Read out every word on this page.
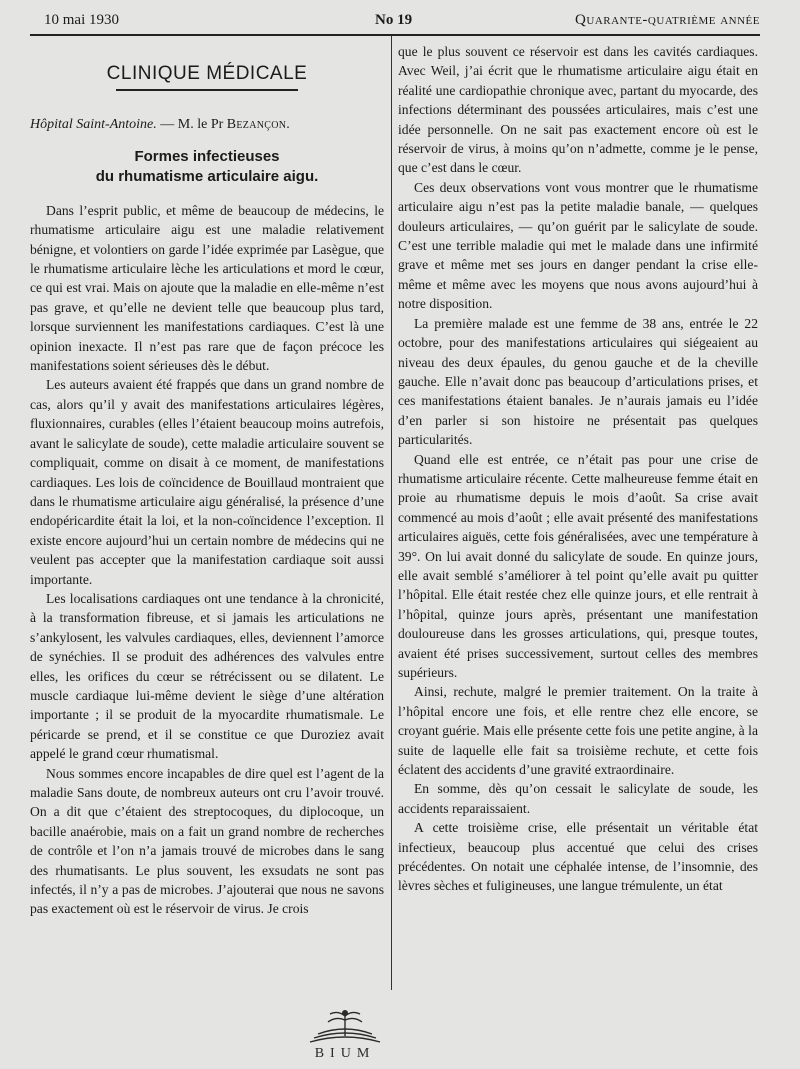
10 mai 1930	No 19	Quarante-quatrième année
CLINIQUE MÉDICALE
Hôpital Saint-Antoine. — M. le Pr Bezançon.
Formes infectieuses
du rhumatisme articulaire aigu.

Dans l’esprit public, et même de beaucoup de médecins, le rhumatisme articulaire aigu est une maladie relativement bénigne, et volontiers on garde l’idée exprimée par Lasègue, que le rhumatisme articulaire lèche les articulations et mord le cœur, ce qui est vrai. Mais on ajoute que la maladie en elle-même n’est pas grave, et qu’elle ne devient telle que beaucoup plus tard, lorsque surviennent les manifestations cardiaques. C’est là une opinion inexacte. Il n’est pas rare que de façon précoce les manifestations soient sérieuses dès le début.

Les auteurs avaient été frappés que dans un grand nombre de cas, alors qu’il y avait des manifestations articulaires légères, fluxionnaires, curables (elles l’étaient beaucoup moins autrefois, avant le salicylate de soude), cette maladie articulaire souvent se compliquait, comme on disait à ce moment, de manifestations cardiaques. Les lois de coïncidence de Bouillaud montraient que dans le rhumatisme articulaire aigu généralisé, la présence d’une endopéricardite était la loi, et la non-coïncidence l’exception. Il existe encore aujourd’hui un certain nombre de médecins qui ne veulent pas accepter que la manifestation cardiaque soit aussi importante.

Les localisations cardiaques ont une tendance à la chronicité, à la transformation fibreuse, et si jamais les articulations ne s’ankylosent, les valvules cardiaques, elles, deviennent l’amorce de synéchies. Il se produit des adhérences des valvules entre elles, les orifices du cœur se rétrécissent ou se dilatent. Le muscle cardiaque lui-même devient le siège d’une altération importante ; il se produit de la myocardite rhumatismale. Le péricarde se prend, et il se constitue ce que Duroziez avait appelé le grand cœur rhumatismal.

Nous sommes encore incapables de dire quel est l’agent de la maladie Sans doute, de nombreux auteurs ont cru l’avoir trouvé. On a dit que c’étaient des streptocoques, du diplocoque, un bacille anaérobie, mais on a fait un grand nombre de recherches de contrôle et l’on n’a jamais trouvé de microbes dans le sang des rhumatisants. Le plus souvent, les exsudats ne sont pas infectés, il n’y a pas de microbes. J’ajouterai que nous ne savons pas exactement où est le réservoir de virus. Je crois

que le plus souvent ce réservoir est dans les cavités cardiaques. Avec Weil, j’ai écrit que le rhumatisme articulaire aigu était en réalité une cardiopathie chronique avec, partant du myocarde, des infections déterminant des poussées articulaires, mais c’est une idée personnelle. On ne sait pas exactement encore où est le réservoir de virus, à moins qu’on n’admette, comme je le pense, que c’est dans le cœur.

Ces deux observations vont vous montrer que le rhumatisme articulaire aigu n’est pas la petite maladie banale, — quelques douleurs articulaires, — qu’on guérit par le salicylate de soude. C’est une terrible maladie qui met le malade dans une infirmité grave et même met ses jours en danger pendant la crise elle-même et même avec les moyens que nous avons aujourd’hui à notre disposition.

La première malade est une femme de 38 ans, entrée le 22 octobre, pour des manifestations articulaires qui siégeaient au niveau des deux épaules, du genou gauche et de la cheville gauche. Elle n’avait donc pas beaucoup d’articulations prises, et ces manifestations étaient banales. Je n’aurais jamais eu l’idée d’en parler si son histoire ne présentait pas quelques particularités.

Quand elle est entrée, ce n’était pas pour une crise de rhumatisme articulaire récente. Cette malheureuse femme était en proie au rhumatisme depuis le mois d’août. Sa crise avait commencé au mois d’août ; elle avait présenté des manifestations articulaires aiguës, cette fois généralisées, avec une température à 39°. On lui avait donné du salicylate de soude. En quinze jours, elle avait semblé s’améliorer à tel point qu’elle avait pu quitter l’hôpital. Elle était restée chez elle quinze jours, et elle rentrait à l’hôpital, quinze jours après, présentant une manifestation douloureuse dans les grosses articulations, qui, presque toutes, avaient été prises successivement, surtout celles des membres supérieurs.

Ainsi, rechute, malgré le premier traitement. On la traite à l’hôpital encore une fois, et elle rentre chez elle encore, se croyant guérie. Mais elle présente cette fois une petite angine, à la suite de laquelle elle fait sa troisième rechute, et cette fois éclatent des accidents d’une gravité extraordinaire.

En somme, dès qu’on cessait le salicylate de soude, les accidents reparaissaient.

A cette troisième crise, elle présentait un véritable état infectieux, beaucoup plus accentué que celui des crises précédentes. On notait une céphalée intense, de l’insomnie, des lèvres sèches et fuligineuses, une langue trémulente, un état

BIUM
